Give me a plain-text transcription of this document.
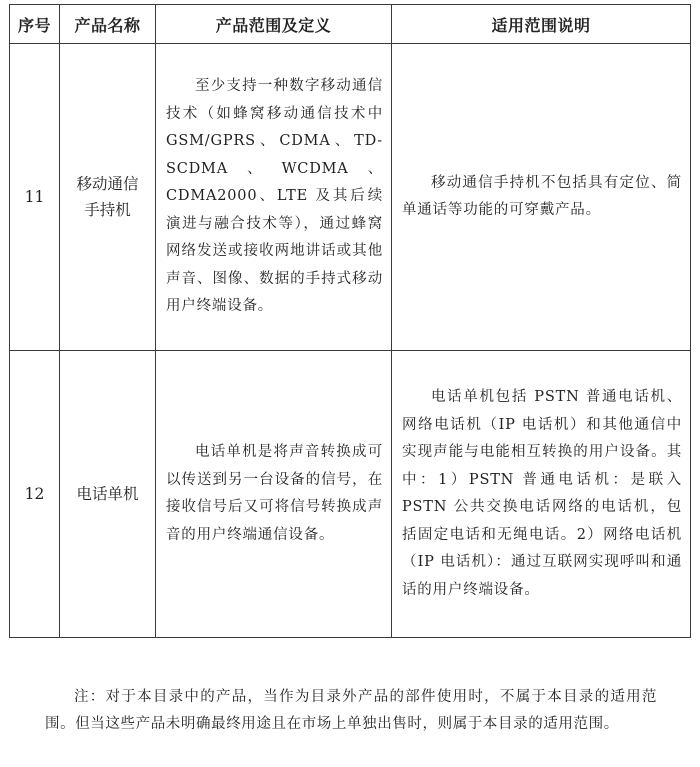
序号	产品名称	产品范围及定义	适用范围说明
11	移动通信手持机	至少支持一种数字移动通信技术（如蜂窝移动通信技术中 GSM/GPRS、CDMA、TD-SCDMA、WCDMA、CDMA2000、LTE 及其后续演进与融合技术等），通过蜂窝网络发送或接收两地讲话或其他声音、图像、数据的手持式移动用户终端设备。	移动通信手持机不包括具有定位、简单通话等功能的可穿戴产品。
12	电话单机	电话单机是将声音转换成可以传送到另一台设备的信号，在接收信号后又可将信号转换成声音的用户终端通信设备。	电话单机包括 PSTN 普通电话机、网络电话机（IP 电话机）和其他通信中实现声能与电能相互转换的用户设备。其中：1）PSTN 普通电话机：是联入 PSTN 公共交换电话网络的电话机，包括固定电话和无绳电话。2）网络电话机（IP 电话机）：通过互联网实现呼叫和通话的用户终端设备。
注：对于本目录中的产品，当作为目录外产品的部件使用时，不属于本目录的适用范围。但当这些产品未明确最终用途且在市场上单独出售时，则属于本目录的适用范围。
